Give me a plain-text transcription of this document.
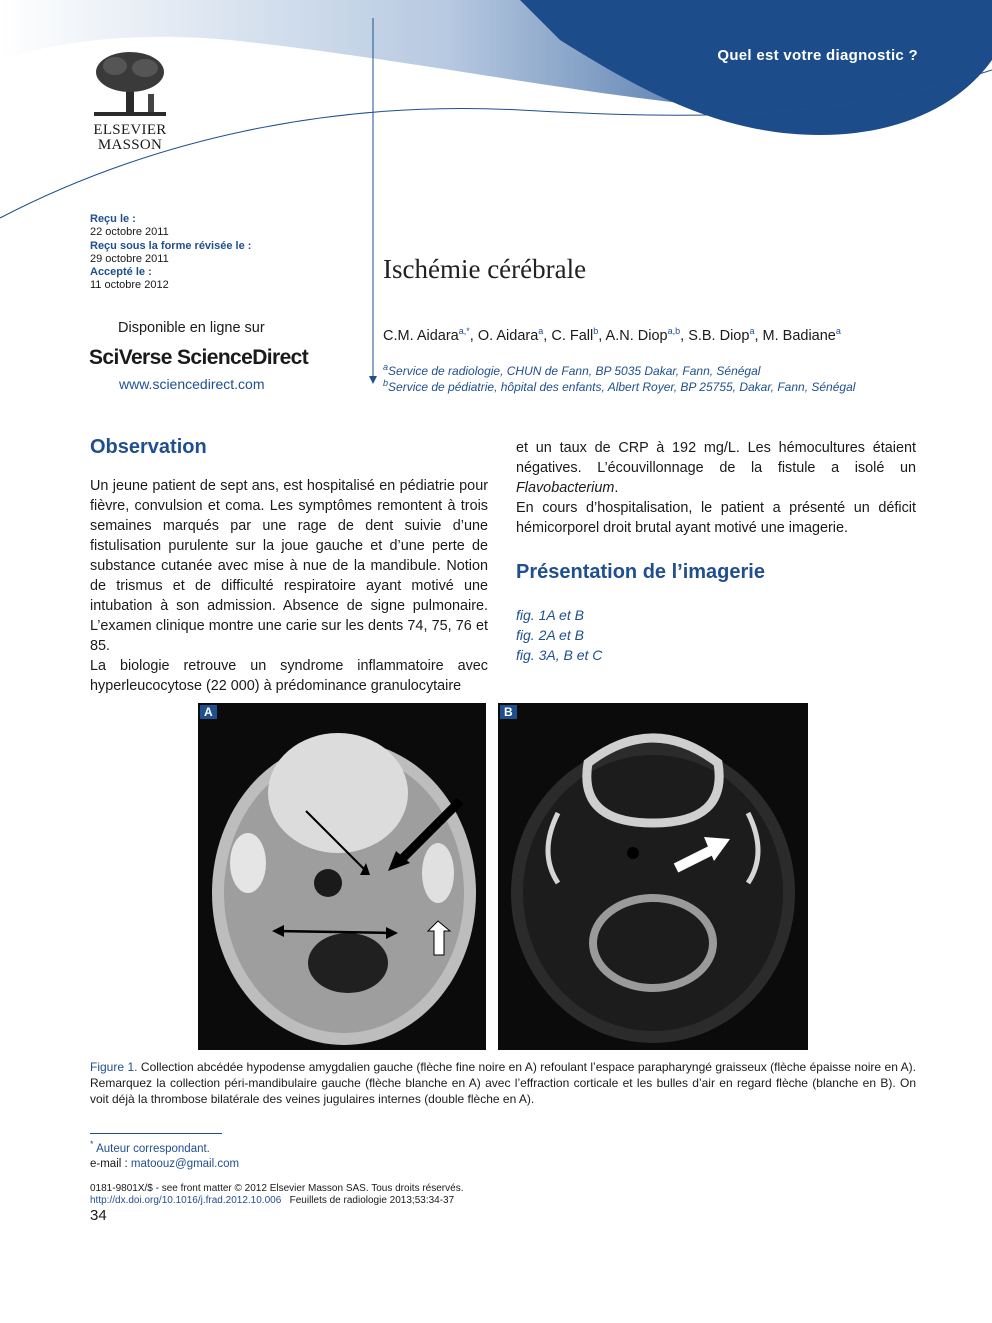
Quel est votre diagnostic ?
ELSEVIER
MASSON
Reçu le :
22 octobre 2011
Reçu sous la forme révisée le :
29 octobre 2011
Accepté le :
11 octobre 2012
Disponible en ligne sur
SciVerse ScienceDirect
www.sciencedirect.com
Ischémie cérébrale
C.M. Aidara$^{a,*}$, O. Aidara$^a$, C. Fall$^b$, A.N. Diop$^{a,b}$, S.B. Diop$^a$, M. Badiane$^a$
$^a$Service de radiologie, CHUN de Fann, BP 5035 Dakar, Fann, Sénégal
$^b$Service de pédiatrie, hôpital des enfants, Albert Royer, BP 25755, Dakar, Fann, Sénégal
Observation

Un jeune patient de sept ans, est hospitalisé en pédiatrie pour fièvre, convulsion et coma. Les symptômes remontent à trois semaines marqués par une rage de dent suivie d’une fistulisation purulente sur la joue gauche et d’une perte de substance cutanée avec mise à nue de la mandibule. Notion de trismus et de difficulté respiratoire ayant motivé une intubation à son admission. Absence de signe pulmonaire. L’examen clinique montre une carie sur les dents 74, 75, 76 et 85.

La biologie retrouve un syndrome inflammatoire avec hyperleucocytose (22 000) à prédominance granulocytaire

et un taux de CRP à 192 mg/L. Les hémocultures étaient négatives. L’écouvillonnage de la fistule a isolé un Flavobacterium.

En cours d’hospitalisation, le patient a présenté un déficit hémicorporel droit brutal ayant motivé une imagerie.

Présentation de l’imagerie
fig. 1A et B
fig. 2A et B
fig. 3A, B et C
A	B
Figure 1. Collection abcédée hypodense amygdalien gauche (flèche fine noire en A) refoulant l’espace parapharyngé graisseux (flèche épaisse noire en A). Remarquez la collection péri-mandibulaire gauche (flèche blanche en A) avec l’effraction corticale et les bulles d’air en regard flèche (blanche en B). On voit déjà la thrombose bilatérale des veines jugulaires internes (double flèche en A).
* Auteur correspondant.
e-mail : matoouz@gmail.com
0181-9801X/$ - see front matter © 2012 Elsevier Masson SAS. Tous droits réservés.
http://dx.doi.org/10.1016/j.frad.2012.10.006 Feuillets de radiologie 2013;53:34-37
34
